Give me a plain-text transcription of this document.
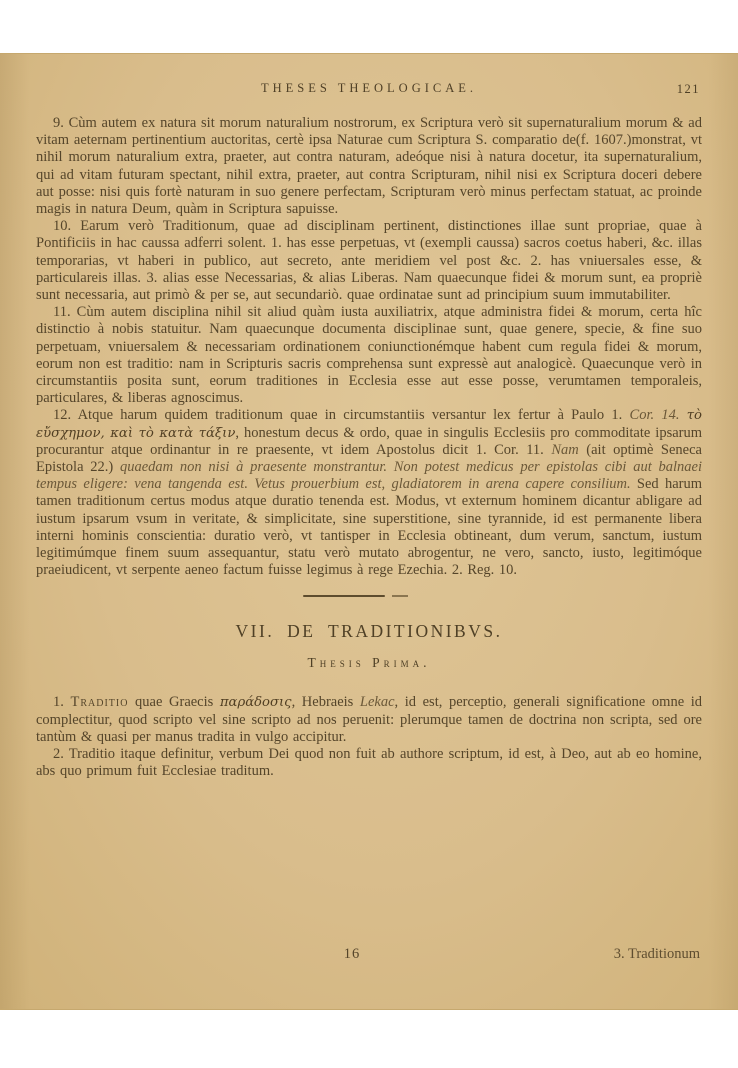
THESES THEOLOGICAE.	121

9. Cùm autem ex natura sit morum naturalium nostrorum, ex Scriptura verò sit supernaturalium morum & ad vitam aeternam pertinentium auctoritas, certè ipsa Naturae cum Scriptura S. comparatio de(f. 1607.)monstrat, vt nihil morum naturalium extra, praeter, aut contra naturam, adeóque nisi à natura docetur, ita supernaturalium, qui ad vitam futuram spectant, nihil extra, praeter, aut contra Scripturam, nihil nisi ex Scriptura doceri debere aut posse: nisi quis fortè naturam in suo genere perfectam, Scripturam verò minus perfectam statuat, ac proinde magis in natura Deum, quàm in Scriptura sapuisse.

10. Earum verò Traditionum, quae ad disciplinam pertinent, distinctiones illae sunt propriae, quae à Pontificiis in hac caussa adferri solent. 1. has esse perpetuas, vt (exempli caussa) sacros coetus haberi, &c. illas temporarias, vt haberi in publico, aut secreto, ante meridiem vel post &c. 2. has vniuersales esse, & particulareis illas. 3. alias esse Necessarias, & alias Liberas. Nam quaecunque fidei & morum sunt, ea propriè sunt necessaria, aut primò & per se, aut secundariò. quae ordinatae sunt ad principium suum immutabiliter.

11. Cùm autem disciplina nihil sit aliud quàm iusta auxiliatrix, atque administra fidei & morum, certa hîc distinctio à nobis statuitur. Nam quaecunque documenta disciplinae sunt, quae genere, specie, & fine suo perpetuam, vniuersalem & necessariam ordinationem coniunctionémque habent cum regula fidei & morum, eorum non est traditio: nam in Scripturis sacris comprehensa sunt expressè aut analogicè. Quaecunque verò in circumstantiis posita sunt, eorum traditiones in Ecclesia esse aut esse posse, verumtamen temporaleis, particulares, & liberas agnoscimus.

12. Atque harum quidem traditionum quae in circumstantiis versantur lex fertur à Paulo 1. Cor. 14. τὸ εὔσχημον, καὶ τὸ κατὰ τάξιν, honestum decus & ordo, quae in singulis Ecclesiis pro commoditate ipsarum procurantur atque ordinantur in re praesente, vt idem Apostolus dicit 1. Cor. 11. Nam (ait optimè Seneca Epistola 22.) quaedam non nisi à praesente monstrantur. Non potest medicus per epistolas cibi aut balnaei tempus eligere: vena tangenda est. Vetus prouerbium est, gladiatorem in arena capere consilium. Sed harum tamen traditionum certus modus atque duratio tenenda est. Modus, vt externum hominem dicantur abligare ad iustum ipsarum vsum in veritate, & simplicitate, sine superstitione, sine tyrannide, id est permanente libera interni hominis conscientia: duratio verò, vt tantisper in Ecclesia obtineant, dum verum, sanctum, iustum legitimúmque finem suum assequantur, statu verò mutato abrogentur, ne vero, sancto, iusto, legitimóque praeiudicent, vt serpente aeneo factum fuisse legimus à rege Ezechia. 2. Reg. 10.

VII. DE TRADITIONIBVS.
Thesis Prima.

1. Traditio quae Graecis παράδοσις, Hebraeis Lekac, id est, perceptio, generali significatione omne id complectitur, quod scripto vel sine scripto ad nos peruenit: plerumque tamen de doctrina non scripta, sed ore tantùm & quasi per manus tradita in vulgo accipitur.

2. Traditio itaque definitur, verbum Dei quod non fuit ab authore scriptum, id est, à Deo, aut ab eo homine, abs quo primum fuit Ecclesiae traditum.

16	3. Traditionum
